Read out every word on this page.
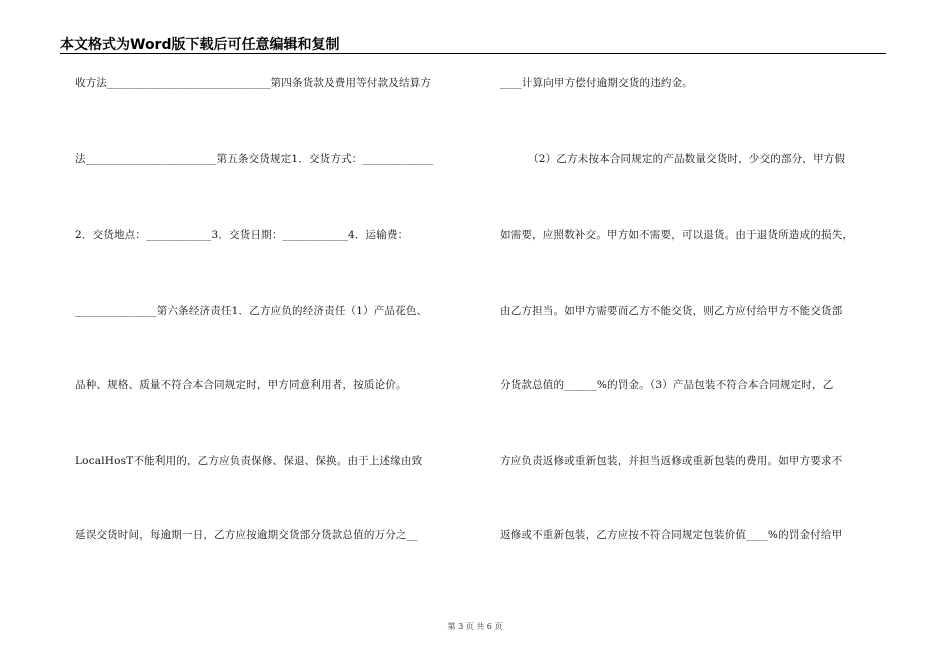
本文格式为Word版下载后可任意编辑和复制
收方法______________________________第四条货款及费用等付款及结算方
法________________________第五条交货规定1．交货方式：_____________
2．交货地点：____________3．交货日期：____________4．运输费：
_______________第六条经济责任1．乙方应负的经济责任（1）产品花色、
品种、规格、质量不符合本合同规定时，甲方同意利用者，按质论价。
LocalHosT不能利用的，乙方应负责保修、保退、保换。由于上述缘由致
延误交货时间，每逾期一日，乙方应按逾期交货部分货款总值的万分之__
____计算向甲方偿付逾期交货的违约金。
（2）乙方未按本合同规定的产品数量交货时，少交的部分，甲方假
如需要，应照数补交。甲方如不需要，可以退货。由于退货所造成的损失，
由乙方担当。如甲方需要而乙方不能交货，则乙方应付给甲方不能交货部
分货款总值的______%的罚金。（3）产品包装不符合本合同规定时，乙
方应负责返修或重新包装，并担当返修或重新包装的费用。如甲方要求不
返修或不重新包装，乙方应按不符合同规定包装价值____%的罚金付给甲
第 3 页 共 6 页
